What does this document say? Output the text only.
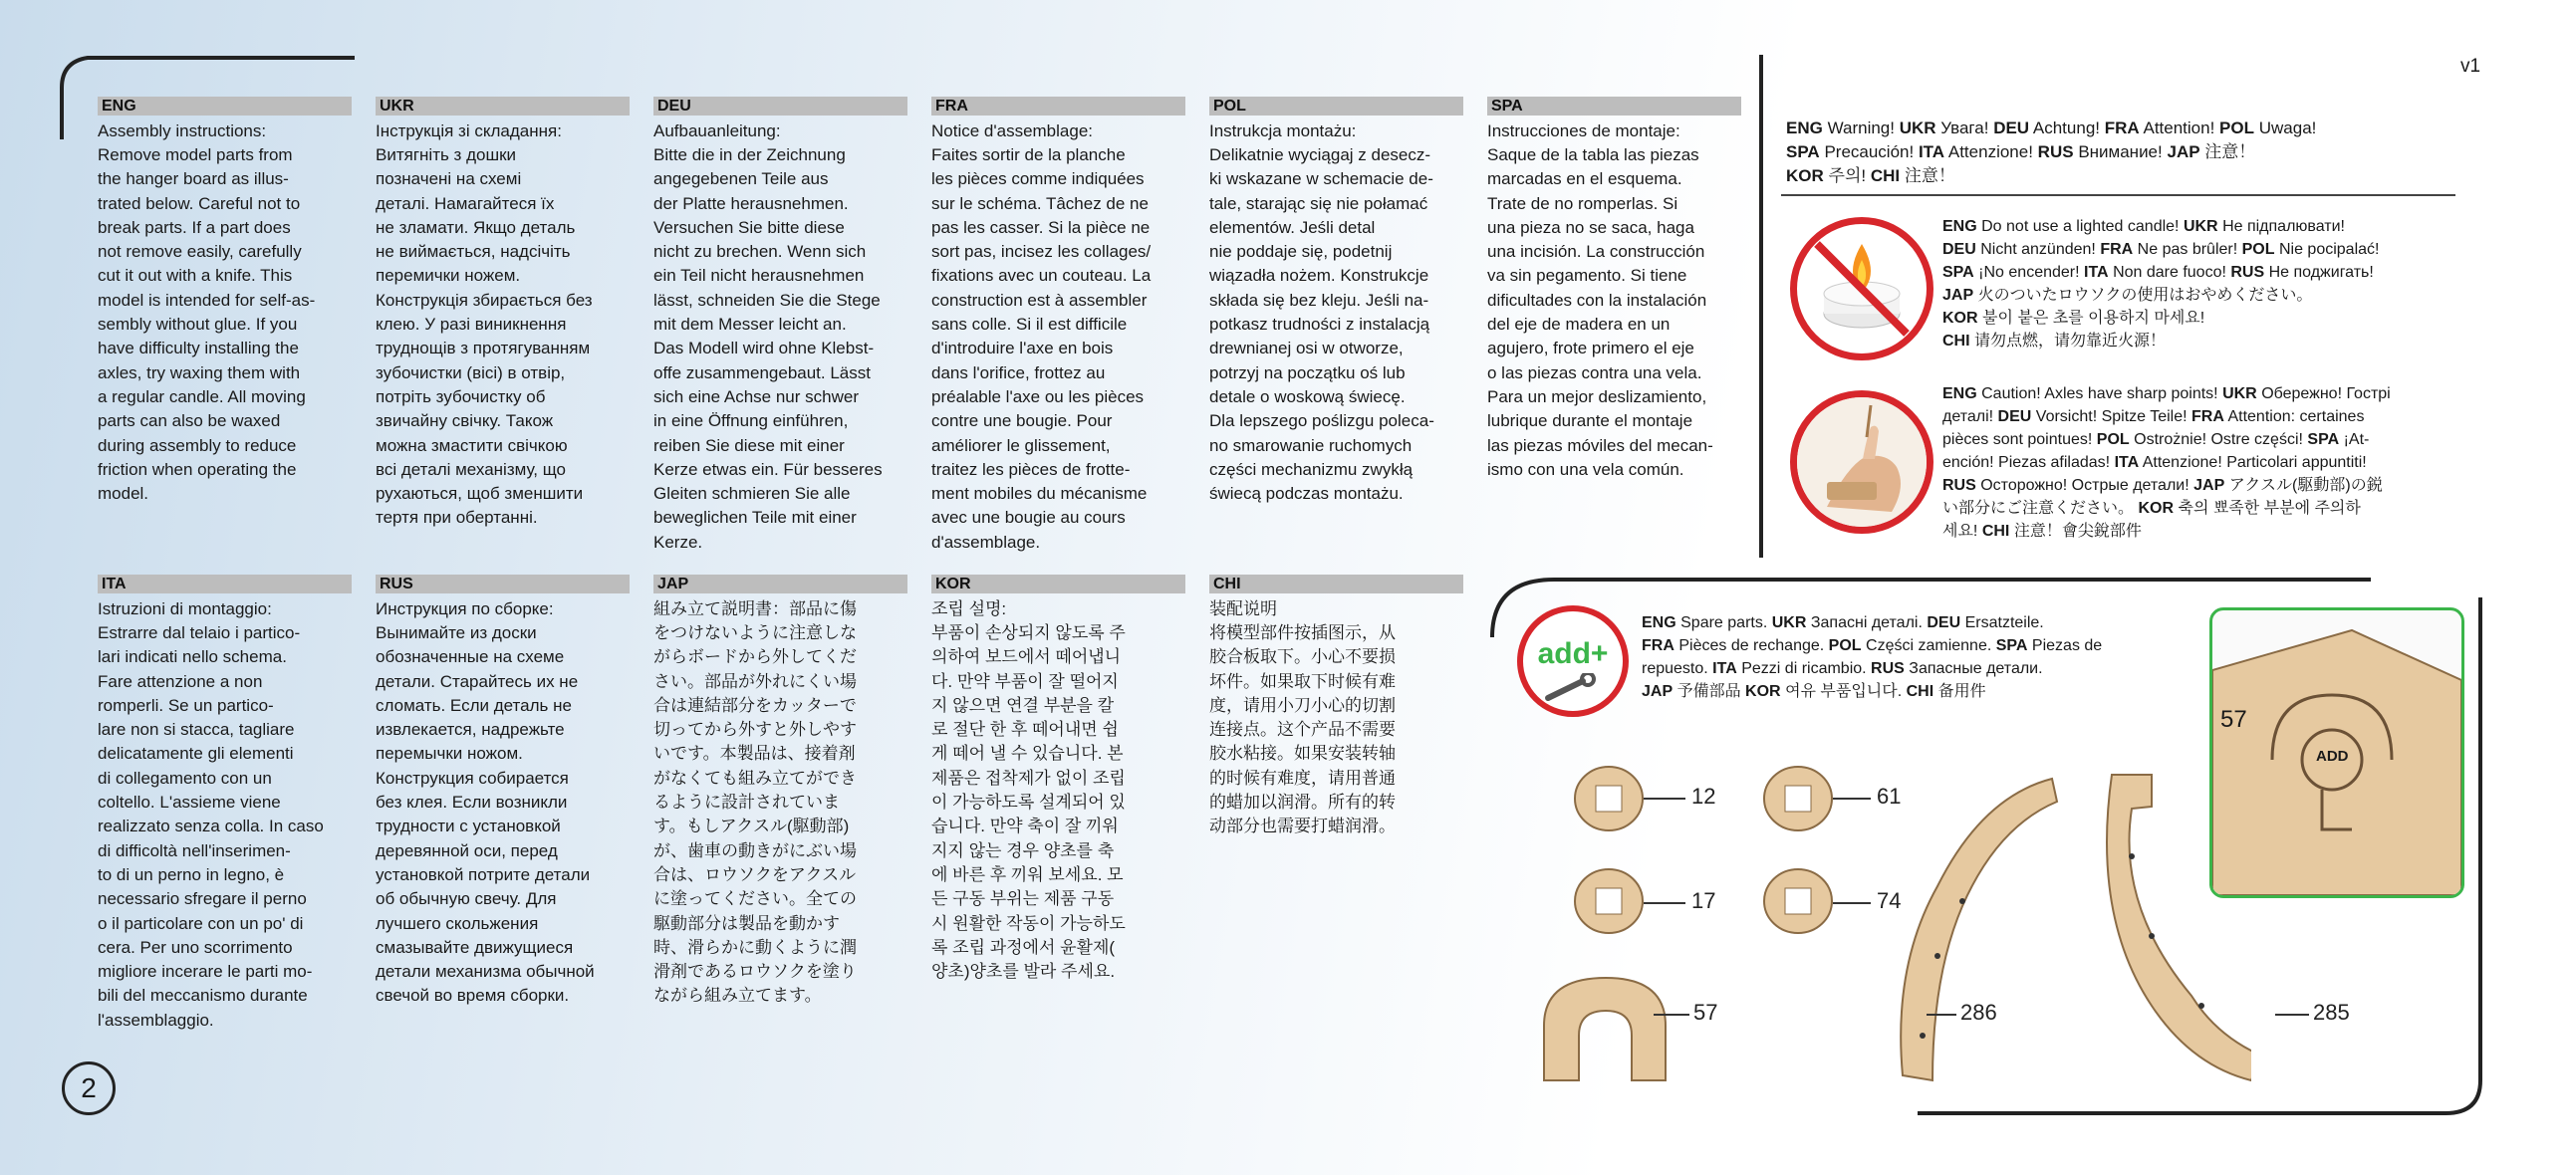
v1
2
ENG
Assembly instructions:
Remove model parts from
the hanger board as illus-
trated below. Careful not to
break parts. If a part does
not remove easily, carefully
cut it out with a knife. This
model is intended for self-as-
sembly without glue. If you
have difficulty installing the
axles, try waxing them with
a regular candle. All moving
parts can also be waxed
during assembly to reduce
friction when operating the
model.
UKR
Інструкція зі складання:
Витягніть з дошки
позначені на схемі
деталі. Намагайтеся їх
не зламати. Якщо деталь
не виймається, надсічіть
перемички ножем.
Конструкція збирається без
клею. У разі виникнення
труднощів з протягуванням
зубочистки (вісі) в отвір,
потріть зубочистку об
звичайну свічку. Також
можна змастити свічкою
всі деталі механізму, що
рухаються, щоб зменшити
тертя при обертанні.
DEU
Aufbauanleitung:
Bitte die in der Zeichnung
angegebenen Teile aus
der Platte herausnehmen.
Versuchen Sie bitte diese
nicht zu brechen. Wenn sich
ein Teil nicht herausnehmen
lässt, schneiden Sie die Stege
mit dem Messer leicht an.
Das Modell wird ohne Klebst-
offe zusammengebaut. Lässt
sich eine Achse nur schwer
in eine Öffnung einführen,
reiben Sie diese mit einer
Kerze etwas ein. Für besseres
Gleiten schmieren Sie alle
beweglichen Teile mit einer
Kerze.
FRA
Notice d'assemblage:
Faites sortir de la planche
les pièces comme indiquées
sur le schéma. Tâchez de ne
pas les casser. Si la pièce ne
sort pas, incisez les collages/
fixations avec un couteau. La
construction est à assembler
sans colle. Si il est difficile
d'introduire l'axe en bois
dans l'orifice, frottez au
préalable l'axe ou les pièces
contre une bougie. Pour
améliorer le glissement,
traitez les pièces de frotte-
ment mobiles du mécanisme
avec une bougie au cours
d'assemblage.
POL
Instrukcja montażu:
Delikatnie wyciągaj z desecz-
ki wskazane w schemacie de-
tale, starając się nie połamać
elementów. Jeśli detal
nie poddaje się, podetnij
wiązadła nożem. Konstrukcje
składa się bez kleju. Jeśli na-
potkasz trudności z instalacją
drewnianej osi w otworze,
potrzyj na początku oś lub
detale o woskową świecę.
Dla lepszego poślizgu poleca-
no smarowanie ruchomych
części mechanizmu zwykłą
świecą podczas montażu.
SPA
Instrucciones de montaje:
Saque de la tabla las piezas
marcadas en el esquema.
Trate de no romperlas. Si
una pieza no se saca, haga
una incisión. La construcción
va sin pegamento. Si tiene
dificultades con la instalación
del eje de madera en un
agujero, frote primero el eje
o las piezas contra una vela.
Para un mejor deslizamiento,
lubrique durante el montaje
las piezas móviles del mecan-
ismo con una vela común.
ITA
Istruzioni di montaggio:
Estrarre dal telaio i partico-
lari indicati nello schema.
Fare attenzione a non
romperli. Se un partico-
lare non si stacca, tagliare
delicatamente gli elementi
di collegamento con un
coltello. L'assieme viene
realizzato senza colla. In caso
di difficoltà nell'inserimen-
to di un perno in legno, è
necessario sfregare il perno
o il particolare con un po' di
cera. Per uno scorrimento
migliore incerare le parti mo-
bili del meccanismo durante
l'assemblaggio.
RUS
Инструкция по сборке:
Вынимайте из доски
обозначенные на схеме
детали. Старайтесь их не
сломать. Если деталь не
извлекается, надрежьте
перемычки ножом.
Конструкция собирается
без клея. Если возникли
трудности с установкой
деревянной оси, перед
установкой потрите детали
об обычную свечу. Для
лучшего скольжения
смазывайте движущиеся
детали механизма обычной
свечой во время сборки.
JAP
組み立て説明書：部品に傷
をつけないように注意しな
がらボードから外してくだ
さい。部品が外れにくい場
合は連結部分をカッターで
切ってから外すと外しやす
いです。本製品は、接着剤
がなくても組み立てができ
るように設計されていま
す。もしアクスル(駆動部)
が、歯車の動きがにぶい場
合は、ロウソクをアクスル
に塗ってください。全ての
駆動部分は製品を動かす
時、滑らかに動くように潤
滑剤であるロウソクを塗り
ながら組み立てます。
KOR
조립 설명:
부품이 손상되지 않도록 주
의하여 보드에서 떼어냅니
다. 만약 부품이 잘 떨어지
지 않으면 연결 부분을 칼
로 절단 한 후 떼어내면 쉽
게 떼어 낼 수 있습니다. 본
제품은 접착제가 없이 조립
이 가능하도록 설계되어 있
습니다. 만약 축이 잘 끼워
지지 않는 경우 양초를 축
에 바른 후 끼워 보세요. 모
든 구동 부위는 제품 구동
시 원활한 작동이 가능하도
록 조립 과정에서 윤활제(
양초)양초를 발라 주세요.
CHI
装配说明
将模型部件按插图示，从
胶合板取下。小心不要损
坏件。如果取下时候有难
度，请用小刀小心的切割
连接点。这个产品不需要
胶水粘接。如果安装转轴
的时候有难度，请用普通
的蜡加以润滑。所有的转
动部分也需要打蜡润滑。

ENG Warning! UKR Увага! DEU Achtung! FRA Attention! POL Uwaga!
SPA Precaución! ITA Attenzione! RUS Внимание! JAP 注意！
KOR 주의! CHI 注意！

ENG Do not use a lighted candle! UKR Не підпалювати!
DEU Nicht anzünden! FRA Ne pas brûler! POL Nie pocipalać!
SPA ¡No encender! ITA Non dare fuoco! RUS Не поджигать!
JAP 火のついたロウソクの使用はおやめください。
KOR 불이 붙은 초를 이용하지 마세요!
CHI 请勿点燃，请勿靠近火源！
ENG Caution! Axles have sharp points! UKR Обережно! Гострі
деталі! DEU Vorsicht! Spitze Teile! FRA Attention: certaines
pièces sont pointues! POL Ostrożnie! Ostre części! SPA ¡At-
ención! Piezas afiladas! ITA Attenzione! Particolari appuntiti!
RUS Осторожно! Острые детали! JAP アクスル(駆動部)の鋭
い部分にご注意ください。 KOR 축의 뾰족한 부분에 주의하
세요! CHI 注意！會尖銳部件
add+
ENG Spare parts. UKR Запасні деталі. DEU Ersatzteile.
FRA Pièces de rechange. POL Części zamienne. SPA Piezas de
repuesto. ITA Pezzi di ricambio. RUS Запасные детали.
JAP 予備部品 KOR 여유 부품입니다. CHI 备用件
57
ADD
12	61
17	74
57	286	285
